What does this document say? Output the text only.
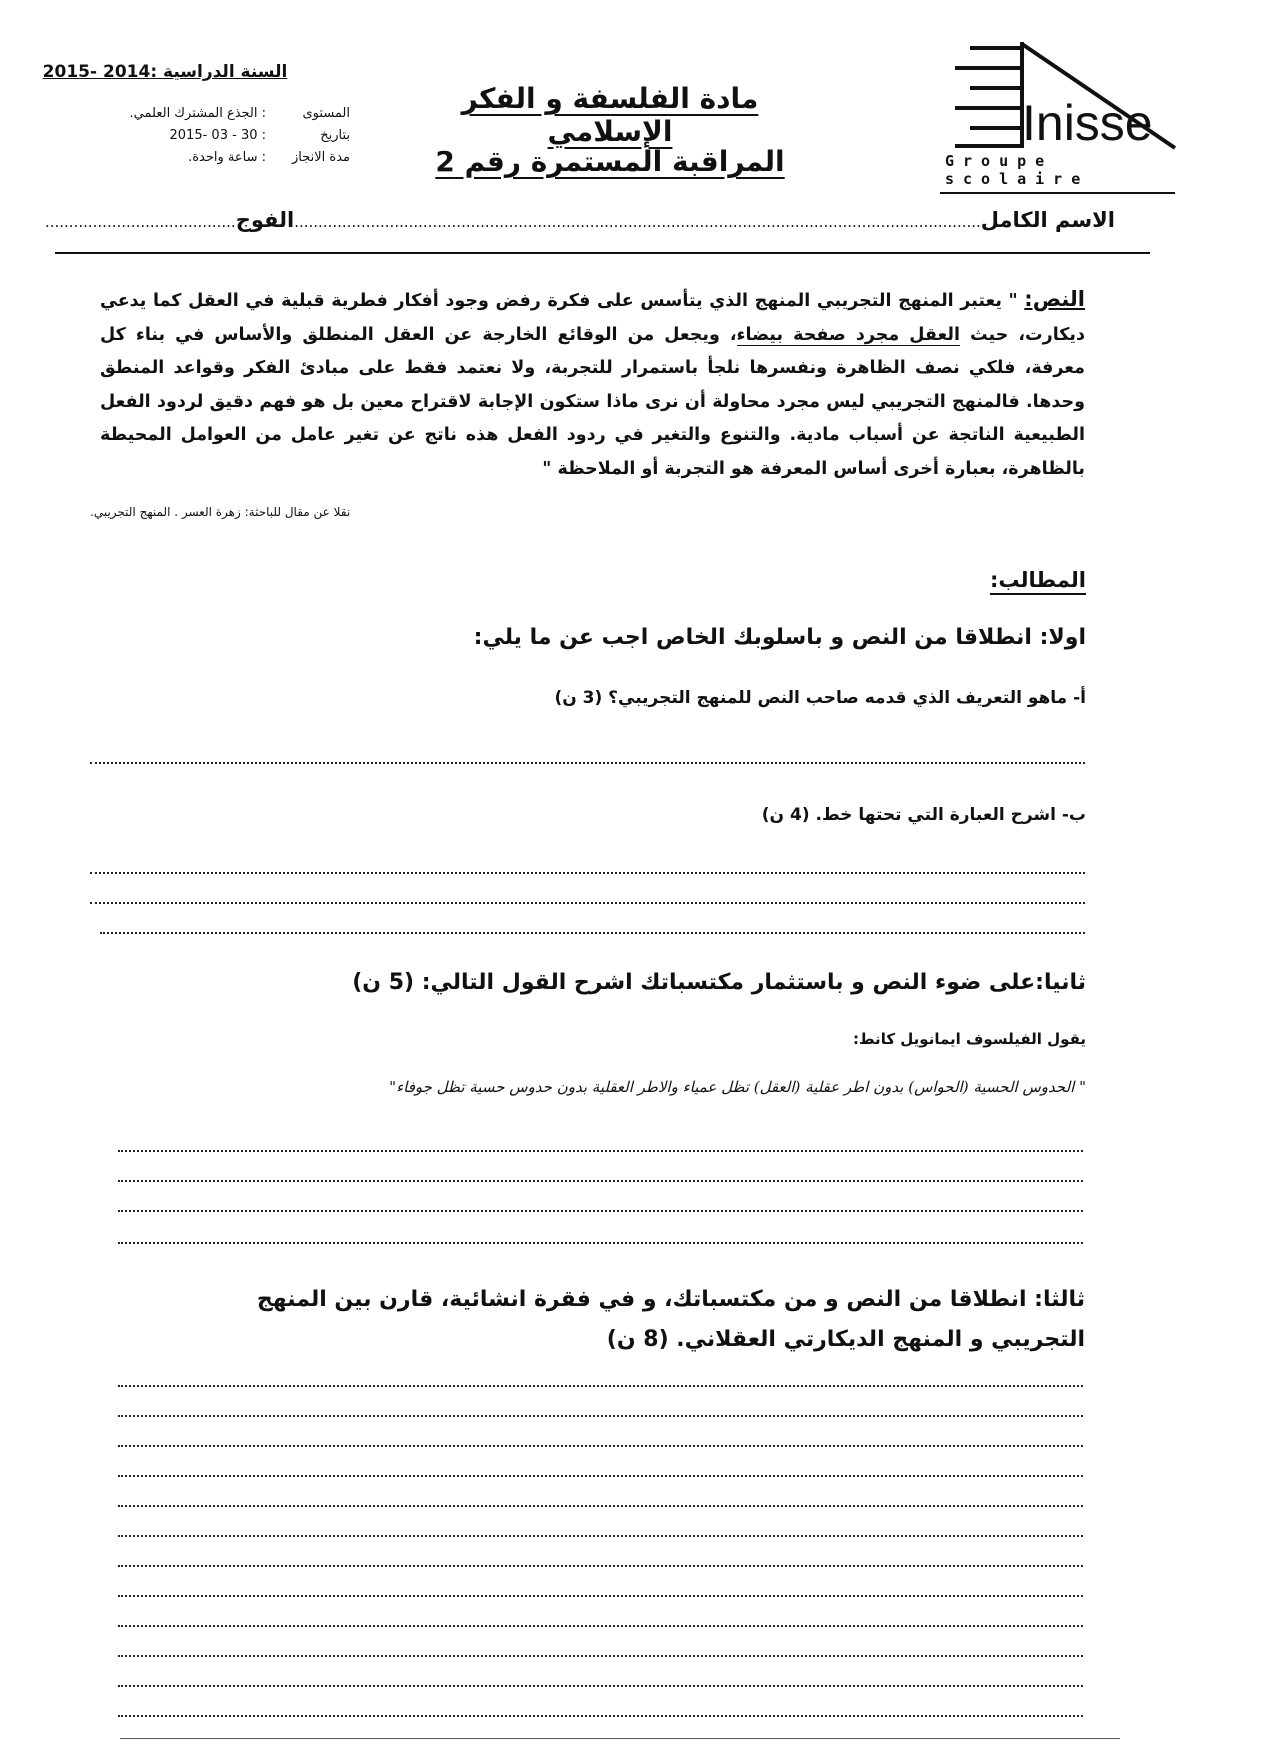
Inisse
Groupe scolaire
مادة الفلسفة و الفكر الإسلامي
المراقبة المستمرة رقم 2
السنة الدراسية :2014 -2015
المستوى
: الجذع المشترك العلمي.
بتاريخ
: 30 - 03 -2015
مدة الانجاز
: ساعة واحدة.
الاسم الكامل................................................................................................................................................الفوج........................................
النص: " يعتبر المنهج التجريبي المنهج الذي يتأسس على فكرة رفض وجود أفكار فطرية قبلية في العقل كما يدعي ديكارت، حيث العقل مجرد صفحة بيضاء، ويجعل من الوقائع الخارجة عن العقل المنطلق والأساس في بناء كل معرفة، فلكي نصف الظاهرة ونفسرها نلجأ باستمرار للتجربة، ولا نعتمد فقط على مبادئ الفكر وقواعد المنطق وحدها. فالمنهج التجريبي ليس مجرد محاولة أن نرى ماذا ستكون الإجابة لاقتراح معين بل هو فهم دقيق لردود الفعل الطبيعية الناتجة عن أسباب مادية. والتنوع والتغير في ردود الفعل هذه ناتج عن تغير عامل من العوامل المحيطة بالظاهرة، بعبارة أخرى أساس المعرفة هو التجربة أو الملاحظة "
نقلا عن مقال للباحثة: زهرة العسر . المنهج التجريبي.
المطالب:
اولا: انطلاقا من النص و باسلوبك الخاص اجب عن ما يلي:
أ- ماهو التعريف الذي قدمه صاحب النص للمنهج التجريبي؟ (3 ن)
ب- اشرح العبارة التي تحتها خط. (4 ن)
ثانيا:على ضوء النص و باستثمار مكتسباتك اشرح القول التالي: (5 ن)
يقول الفيلسوف ايمانويل كانط:
" الحدوس الحسية (الحواس) بدون اطر عقلية (العقل) تظل عمياء والاطر العقلية بدون حدوس حسية تظل جوفاء"
ثالثا: انطلاقا من النص و من مكتسباتك، و في فقرة انشائية، قارن بين المنهج التجريبي و المنهج الديكارتي العقلاني. (8 ن)
